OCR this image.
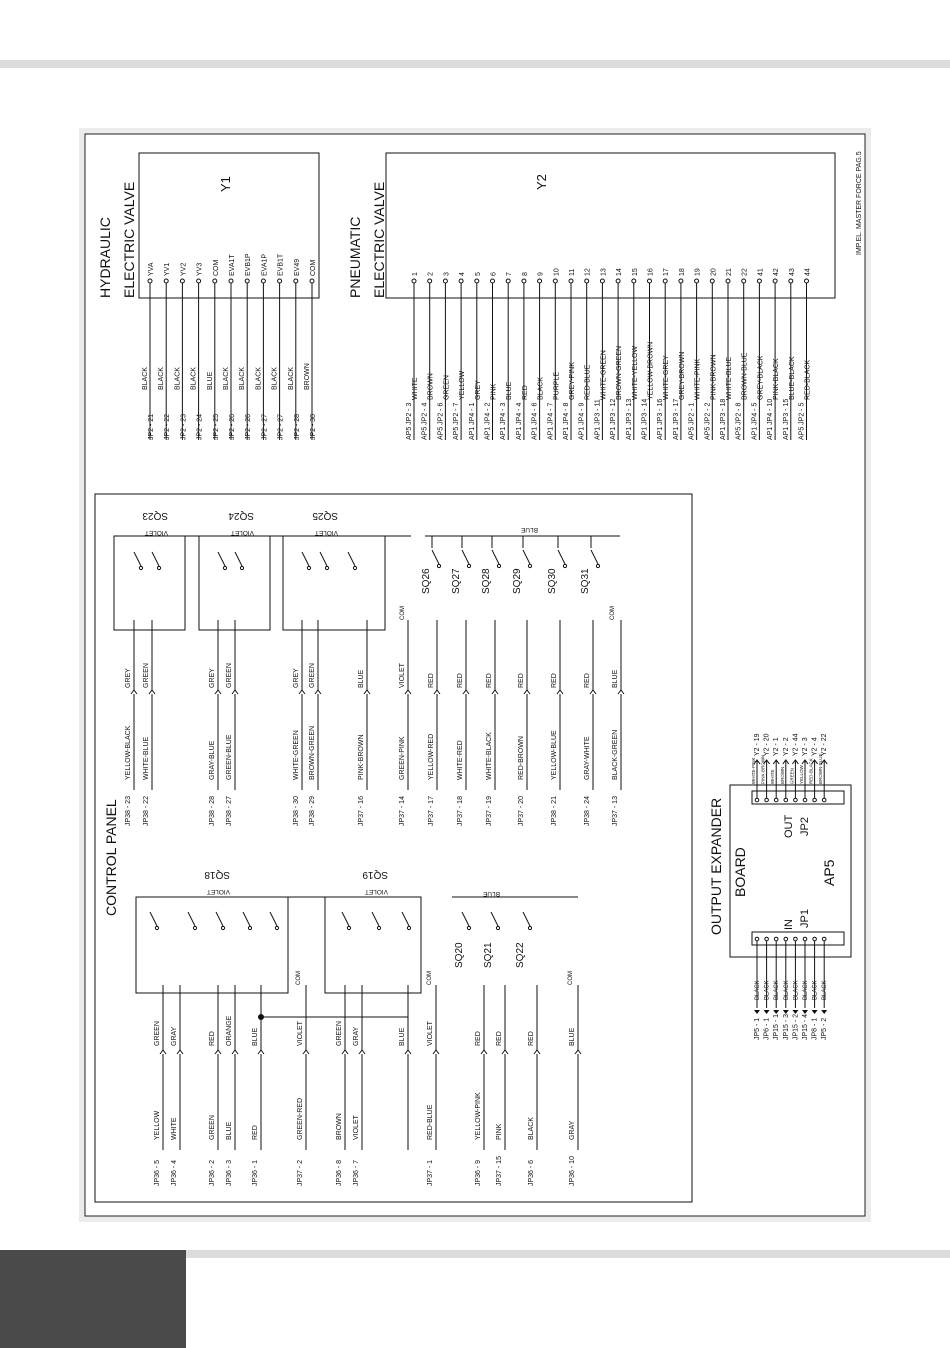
YVA
BLACK
JP2 - 21
YV1
BLACK
JP2 - 22
YV2
BLACK
JP2 - 23
YV3
BLACK
JP2 - 24
COM
BLUE
JP2 - 25
EVA1T
BLACK
JP2 - 26
EVB1P
BLACK
JP2 - 26
EVA1P
BLACK
JP2 - 27
EVB1T
BLACK
JP2 - 27
EV49
BLACK
JP2 - 28
COM
BROWN
JP2 - 30
1
WHITE
AP5 JP2 - 3
2
BROWN
AP5 JP2 - 4
3
GREEN
AP5 JP2 - 6
4
YELLOW
AP5 JP2 - 7
5
GREY
AP1 JP4 - 1
6
PINK
AP1 JP4 - 2
7
BLUE
AP1 JP4 - 3
8
RED
AP1 JP4 - 4
9
BLACK
AP1 JP4 - 6
10
PURPLE
AP1 JP4 - 7
11
GREY-PINK
AP1 JP4 - 8
12
RED-BLUE
AP1 JP4 - 9
13
WHITE-GREEN
AP1 JP3 - 11
14
BROWN-GREEN
AP1 JP3 - 12
15
WHITE-YELLOW
AP1 JP3 - 13
16
YELLOW-BROWN
AP1 JP3 - 14
17
WHITE-GREY
AP1 JP3 - 16
18
GREY-BROWN
AP1 JP3 - 17
19
WHITE-PINK
AP5 JP2 - 1
20
PINK-BROWN
AP5 JP2 - 2
21
WHITE-BLUE
AP1 JP3 - 18
22
BROWN-BLUE
AP5 JP2 - 8
41
GREY-BLACK
AP1 JP4 - 5
42
PINK-BLACK
AP1 JP4 - 10
43
BLUE-BLACK
AP1 JP3 - 15
44
RED-BLACK
AP5 JP2 - 5
SQ23
VIOLET
SQ24
VIOLET
SQ25
VIOLET	BLUE
SQ26 SQ27 SQ28 SQ29 SQ30 SQ31
GREY
YELLOW-BLACK
JP38 - 23
GREEN
WHITE-BLUE
JP38 - 22
GREY
GRAY-BLUE
JP38 - 28
GREEN
GREEN-BLUE
JP38 - 27
GREY
WHITE-GREEN
JP38 - 30
GREEN
BROWN-GREEN
JP38 - 29
BLUE
PINK-BROWN
JP37 - 16
VIOLET
GREEN-PINK
JP37 - 14
RED
YELLOW-RED
JP37 - 17
RED
WHITE-RED
JP37 - 18
RED
WHITE-BLACK
JP37 - 19
RED
RED-BROWN
JP37 - 20
RED
YELLOW-BLUE
JP38 - 21
RED
GRAY-WHITE
JP38 - 24
BLUE
BLACK-GREEN
JP37 - 13
COM	COM
SQ18
VIOLET
SQ19
VIOLET	BLUE
SQ20 SQ21 SQ22
GREEN
YELLOW
JP36 - 5
GRAY
WHITE
JP36 - 4
RED
GREEN
JP36 - 2
ORANGE
BLUE
JP36 - 3
BLUE
RED
JP36 - 1
VIOLET
GREEN-RED
JP37 - 2
GREEN
BROWN
JP36 - 8
GRAY
VIOLET
JP36 - 7
BLUE	VIOLET
RED-BLUE
JP37 - 1
RED
YELLOW-PINK
JP36 - 9
RED
PINK
JP37 - 15
RED
BLACK
JP36 - 6
BLUE
GRAY
JP36 - 10
COM	COM	COM
WHITE-PINK
Y2 - 19
PINK-BROWN
Y2 - 20
WHITE
Y2 - 1
BROWN
Y2 - 2
GREEN
Y2 - 44
YELLOW
Y2 - 3
RED-BLACK
Y2 - 4
BROWN-BLUE
Y2 - 22
BLACK
JP5 - 1
BLACK
JP6 - 1
BLACK
JP15 - 1
BLACK
JP15 - 3
BLACK
JP15 - 2
BLACK
JP15 - 4
BLACK
JP8 - 1
BLACK
JP5 - 2
IMP.EL. MASTER FORCE PAG.5
HYDRAULIC ELECTRIC VALVE	Y1
PNEUMATIC ELECTRIC VALVE	Y2
CONTROL PANEL	OUTPUT EXPANDER BOARD	AP5
IN JP1
OUT JP2
